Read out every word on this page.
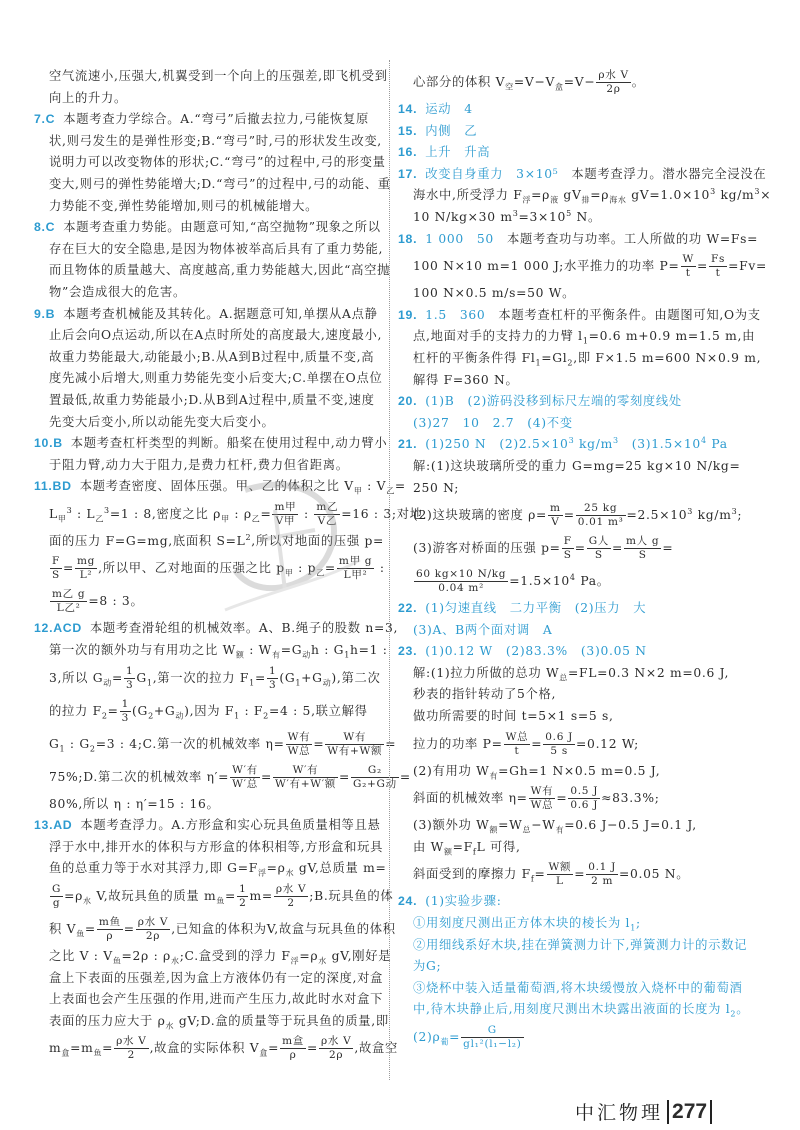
空气流速小,压强大,机翼受到一个向上的压强差,即飞机受到
向上的升力。
7.C 本题考查力学综合。A.“弯弓”后撤去拉力,弓能恢复原
状,则弓发生的是弹性形变;B.“弯弓”时,弓的形状发生改变,
说明力可以改变物体的形状;C.“弯弓”的过程中,弓的形变量
变大,则弓的弹性势能增大;D.“弯弓”的过程中,弓的动能、重
力势能不变,弹性势能增加,则弓的机械能增大。
8.C 本题考查重力势能。由题意可知,“高空抛物”现象之所以
存在巨大的安全隐患,是因为物体被举高后具有了重力势能,
而且物体的质量越大、高度越高,重力势能越大,因此“高空抛
物”会造成很大的危害。
9.B 本题考查机械能及其转化。A.据题意可知,单摆从A点静
止后会向O点运动,所以在A点时所处的高度最大,速度最小,
故重力势能最大,动能最小;B.从A到B过程中,质量不变,高
度先减小后增大,则重力势能先变小后变大;C.单摆在O点位
置最低,故重力势能最小;D.从B到A过程中,质量不变,速度
先变大后变小,所以动能先变大后变小。
10.B 本题考查杠杆类型的判断。船桨在使用过程中,动力臂小
于阻力臂,动力大于阻力,是费力杠杆,费力但省距离。
11.BD 本题考查密度、固体压强。甲、乙的体积之比 $V_甲$ : $V_乙=$
$L_甲^3$ : $L_乙^3=1$ : 8,密度之比 $\rho_甲$ : $\rho_乙= \frac{\text{m甲}}{\text{V甲}}$ : $\frac{\text{m乙}}{\text{V乙}} =16$ : 3;对地
面的压力 F=G=mg,底面积 $S=L^2$,所以对地面的压强 p=
$\frac{F}{S} = \frac{mg}{\text{L²}}$ ,所以甲、乙对地面的压强之比 $p_甲$ : $p_乙= \frac{\text{m甲 g}}{\text{L甲²}}$ :
$\frac{\text{m乙 g}}{\text{L乙²}} =8$ : 3。
12.ACD 本题考查滑轮组的机械效率。A、B.绳子的股数 n=3,
第一次的额外功与有用功之比 $W_额$ : $W_有=G_动h$ : $G_1h=1$ :
3,所以 $G_动= \frac{1}{3} G_1$,第一次的拉力 $F_1= \frac{1}{3} (G_1+G_动)$,第二次
的拉力 $F_2= \frac{1}{3} (G_2+G_动)$,因为 $F_1$ : $F_2=4$ : 5,联立解得
$G_1$ : $G_2=3$ : 4;C.第一次的机械效率 $\eta= \frac{\text{W有}}{\text{W总}} = \frac{\text{W有}}{\text{W有+W额}}$ =
75%;D.第二次的机械效率 $\eta'= \frac{\text{W′有}}{\text{W′总}} = \frac{\text{W′有}}{\text{W′有+W′额}} = \frac{\text{G₂}}{\text{G₂+G动}}$ =
80%,所以 η : η′=15 : 16。
13.AD 本题考查浮力。A.方形盒和实心玩具鱼质量相等且悬
浮于水中,排开水的体积与方形盒的体积相等,方形盒和玩具
鱼的总重力等于水对其浮力,即 $G=F_浮=\rho_水$ gV,总质量 m=
$\frac{G}{g} =\rho_水$ V,故玩具鱼的质量 $m_鱼= \frac{1}{2} m= \frac{\text{ρ水 V}}{2}$ ;B.玩具鱼的体
积 $V_鱼= \frac{\text{m鱼}}{\rho} = \frac{\text{ρ水 V}}{2\rho}$ ,已知盒的体积为V,故盒与玩具鱼的体积
之比 V : $V_鱼=2\rho$ : $\rho_水;C$.盒受到的浮力 $F_浮=\rho_水$ gV,刚好是
盒上下表面的压强差,因为盒上方液体仍有一定的深度,对盒
上表面也会产生压强的作用,进而产生压力,故此时水对盒下
表面的压力应大于 $\rho_水$ gV;D.盒的质量等于玩具鱼的质量,即
$m_盒=m_鱼= \frac{\text{ρ水 V}}{2}$ ,故盒的实际体积 $V_盒= \frac{\text{m盒}}{\rho} = \frac{\text{ρ水 V}}{2\rho}$ ,故盒空
心部分的体积 $V_空=V-V_盒=V- \frac{\text{ρ水 V}}{2\rho}$ 。
14. 运动　4
15. 内侧　乙
16. 上升　升高
17. 改变自身重力　3×10⁵　本题考查浮力。潜水器完全浸没在
海水中,所受浮力 $F_浮=\rho_液$ $gV_排=\rho_{海水}$ $gV=1.0\times 10^3$ $kg/m^3\times$
10 N/kg×30 $m^3=3\times 10^5$ N。
18. 1 000　50　本题考查功与功率。工人所做的功 W=Fs=
100 N×10 m=1 000 J;水平推力的功率 $P= \frac{W}{t} = \frac{Fs}{t} =Fv=$
100 N×0.5 m/s=50 W。
19. 1.5　360　本题考查杠杆的平衡条件。由题图可知,O为支
点,地面对手的支持力的力臂 $l_1=0.6$ m+0.9 m=1.5 m,由
杠杆的平衡条件得 $Fl_1=Gl_2$,即 F×1.5 m=600 N×0.9 m,
解得 F=360 N。
20. (1)B　(2)游码没移到标尺左端的零刻度线处
(3)27　10　2.7　(4)不变
21. (1)250 N　$(2)2.5\times 10^3$ $kg/m^3$　$(3)1.5\times 10^4$ Pa
解:(1)这块玻璃所受的重力 G=mg=25 kg×10 N/kg=
250 N;
(2)这块玻璃的密度 $\rho= \frac{m}{V} = \frac{25 kg}{\text{0.01 m³}} =2.5\times 10^3$ $kg/m^3$;
(3)游客对桥面的压强 $p= \frac{F}{S} = \frac{\text{G人}}{S} = \frac{\text{m人 g}}{S}$ =
$\frac{60 kg\times 10 N/kg}{\text{0.04 m²}} =1.5\times 10^4$ Pa。
22. (1)匀速直线　二力平衡　(2)压力　大
(3)A、B两个面对调　A
23. (1)0.12 W　(2)83.3%　(3)0.05 N
解:(1)拉力所做的总功 $W_总=FL=0.3$ N×2 m=0.6 J,
秒表的指针转动了5个格,
做功所需要的时间 t=5×1 s=5 s,
拉力的功率 $P= \frac{\text{W总}}{t} = \frac{0.6 J}{5 s} =0.12$ W;
(2)有用功 $W_有=Gh=1$ N×0.5 m=0.5 J,
斜面的机械效率 $\eta= \frac{\text{W有}}{\text{W总}} = \frac{0.5 J}{0.6 J} \approx 83.3\%$;
(3)额外功 $W_额=W_总-W_有=0.6$ J−0.5 J=0.1 J,
由 $W_额=F_fL$ 可得,
斜面受到的摩擦力 $F_f= \frac{\text{W额}}{L} = \frac{0.1 J}{2 m} =0.05$ N。
24. (1)实验步骤:
①用刻度尺测出正方体木块的棱长为 $l_1$;
②用细线系好木块,挂在弹簧测力计下,弹簧测力计的示数记
为G;
③烧杯中装入适量葡萄酒,将木块缓慢放入烧杯中的葡萄酒
中,待木块静止后,用刻度尺测出木块露出液面的长度为 $l_2$。
$(2)\rho_葡= \frac{G}{\text{gl₁²(l₁−l₂)}}$
中汇物理 277
